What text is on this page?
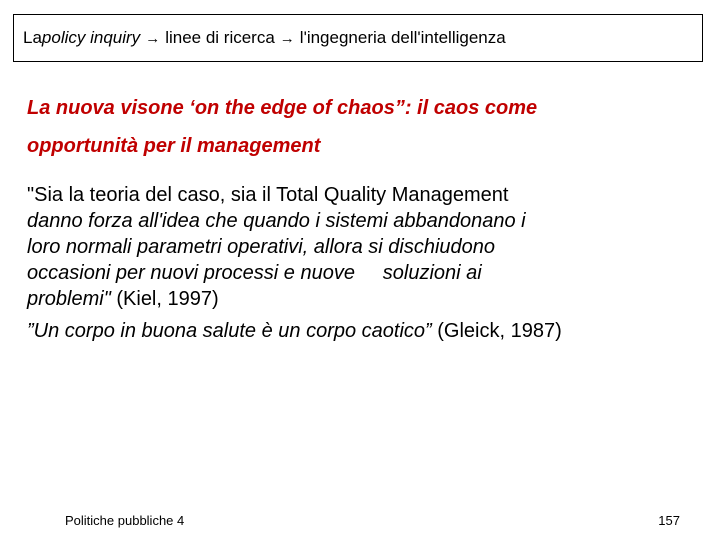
La policy inquiry → linee di ricerca → l'ingegneria dell'intelligenza
La nuova visone ‘on the edge of chaos”: il caos come
opportunità per il management
"Sia la teoria del caso, sia il Total Quality Management
danno forza all'idea che quando i sistemi abbandonano i
loro normali parametri operativi, allora si dischiudono
occasioni per nuovi processi e nuove     soluzioni ai
problemi" (Kiel, 1997)
”Un corpo in buona salute è un corpo caotico” (Gleick, 1987)
Politiche pubbliche 4	157
